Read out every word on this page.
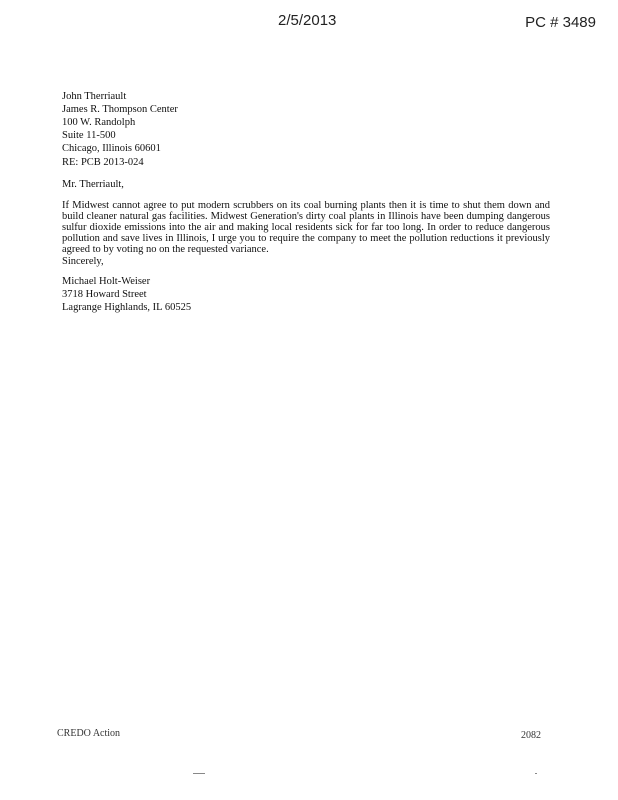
2/5/2013	PC # 3489
John Therriault
James R. Thompson Center
100 W. Randolph
Suite 11-500
Chicago, Illinois 60601
RE: PCB 2013-024
Mr. Therriault,
If Midwest cannot agree to put modern scrubbers on its coal burning plants then it is time to shut them down and build cleaner natural gas facilities. Midwest Generation's dirty coal plants in Illinois have been dumping dangerous sulfur dioxide emissions into the air and making local residents sick for far too long. In order to reduce dangerous pollution and save lives in Illinois, I urge you to require the company to meet the pollution reductions it previously agreed to by voting no on the requested variance.
Sincerely,
Michael Holt-Weiser
3718 Howard Street
Lagrange Highlands, IL 60525
CREDO Action	2082
